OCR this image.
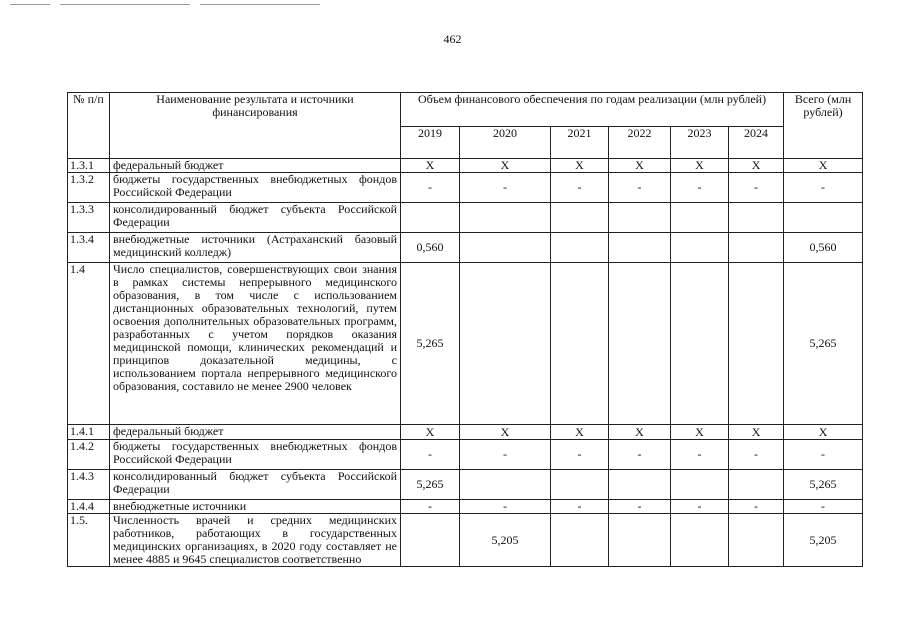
462
№ п/п	Наименование результата и источники финансирования	Объем финансового обеспечения по годам реализации (млн рублей)						Всего (млн рублей)
		2019	2020	2021	2022	2023	2024	
1.3.1	федеральный бюджет	X	X	X	X	X	X	X
1.3.2	бюджеты государственных внебюджетных фондов Российской Федерации	-	-	-	-	-	-	-
1.3.3	консолидированный бюджет субъекта Российской Федерации							
1.3.4	внебюджетные источники (Астраханский базовый медицинский колледж)	0,560						0,560
1.4	Число специалистов, совершенствующих свои знания в рамках системы непрерывного медицинского образования, в том числе с использованием дистанционных образовательных технологий, путем освоения дополнительных образовательных программ, разработанных с учетом порядков оказания медицинской помощи, клинических рекомендаций и принципов доказательной медицины, с использованием портала непрерывного медицинского образования, составило не менее 2900 человек	5,265						5,265
1.4.1	федеральный бюджет	X	X	X	X	X	X	X
1.4.2	бюджеты государственных внебюджетных фондов Российской Федерации	-	-	-	-	-	-	-
1.4.3	консолидированный бюджет субъекта Российской Федерации	5,265						5,265
1.4.4	внебюджетные источники	-	-	-	-	-	-	-
1.5.	Численность врачей и средних медицинских работников, работающих в государственных медицинских организациях, в 2020 году составляет не менее 4885 и 9645 специалистов соответственно		5,205					5,205
